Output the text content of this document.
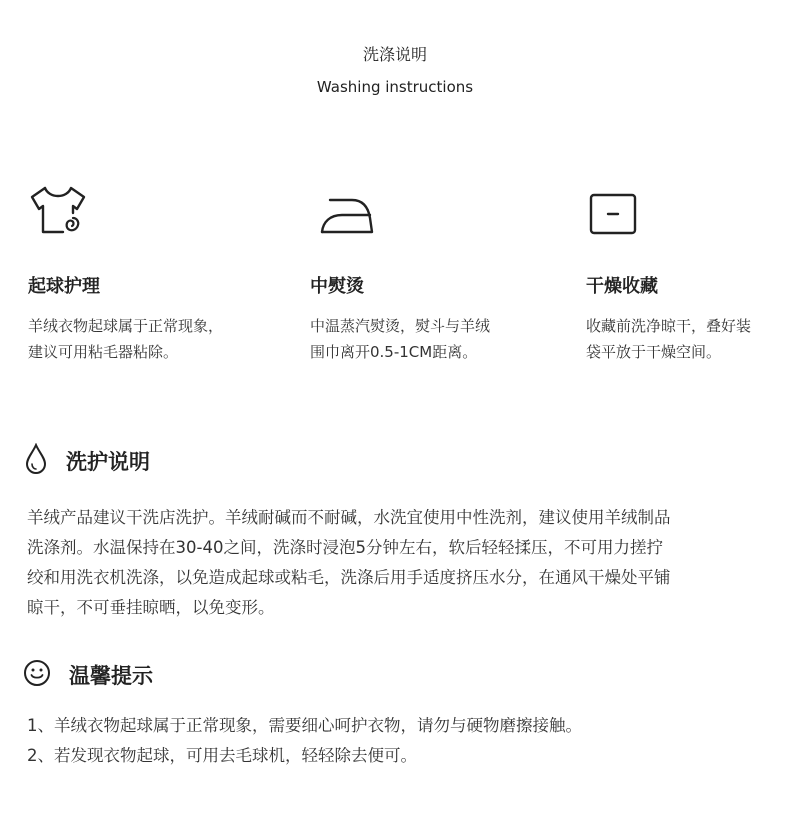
洗涤说明
Washing instructions
起球护理
羊绒衣物起球属于正常现象，
建议可用粘毛器粘除。
中熨烫
中温蒸汽熨烫，熨斗与羊绒
围巾离开0.5-1CM距离。
干燥收藏
收藏前洗净晾干，叠好装
袋平放于干燥空间。
洗护说明
羊绒产品建议干洗店洗护。羊绒耐碱而不耐碱，水洗宜使用中性洗剂，建议使用羊绒制品
洗涤剂。水温保持在30-40之间，洗涤时浸泡5分钟左右，软后轻轻揉压，不可用力搓拧
绞和用洗衣机洗涤，以免造成起球或粘毛，洗涤后用手适度挤压水分，在通风干燥处平铺
晾干，不可垂挂晾晒，以免变形。
温馨提示
1、羊绒衣物起球属于正常现象，需要细心呵护衣物，请勿与硬物磨擦接触。
2、若发现衣物起球，可用去毛球机，轻轻除去便可。
